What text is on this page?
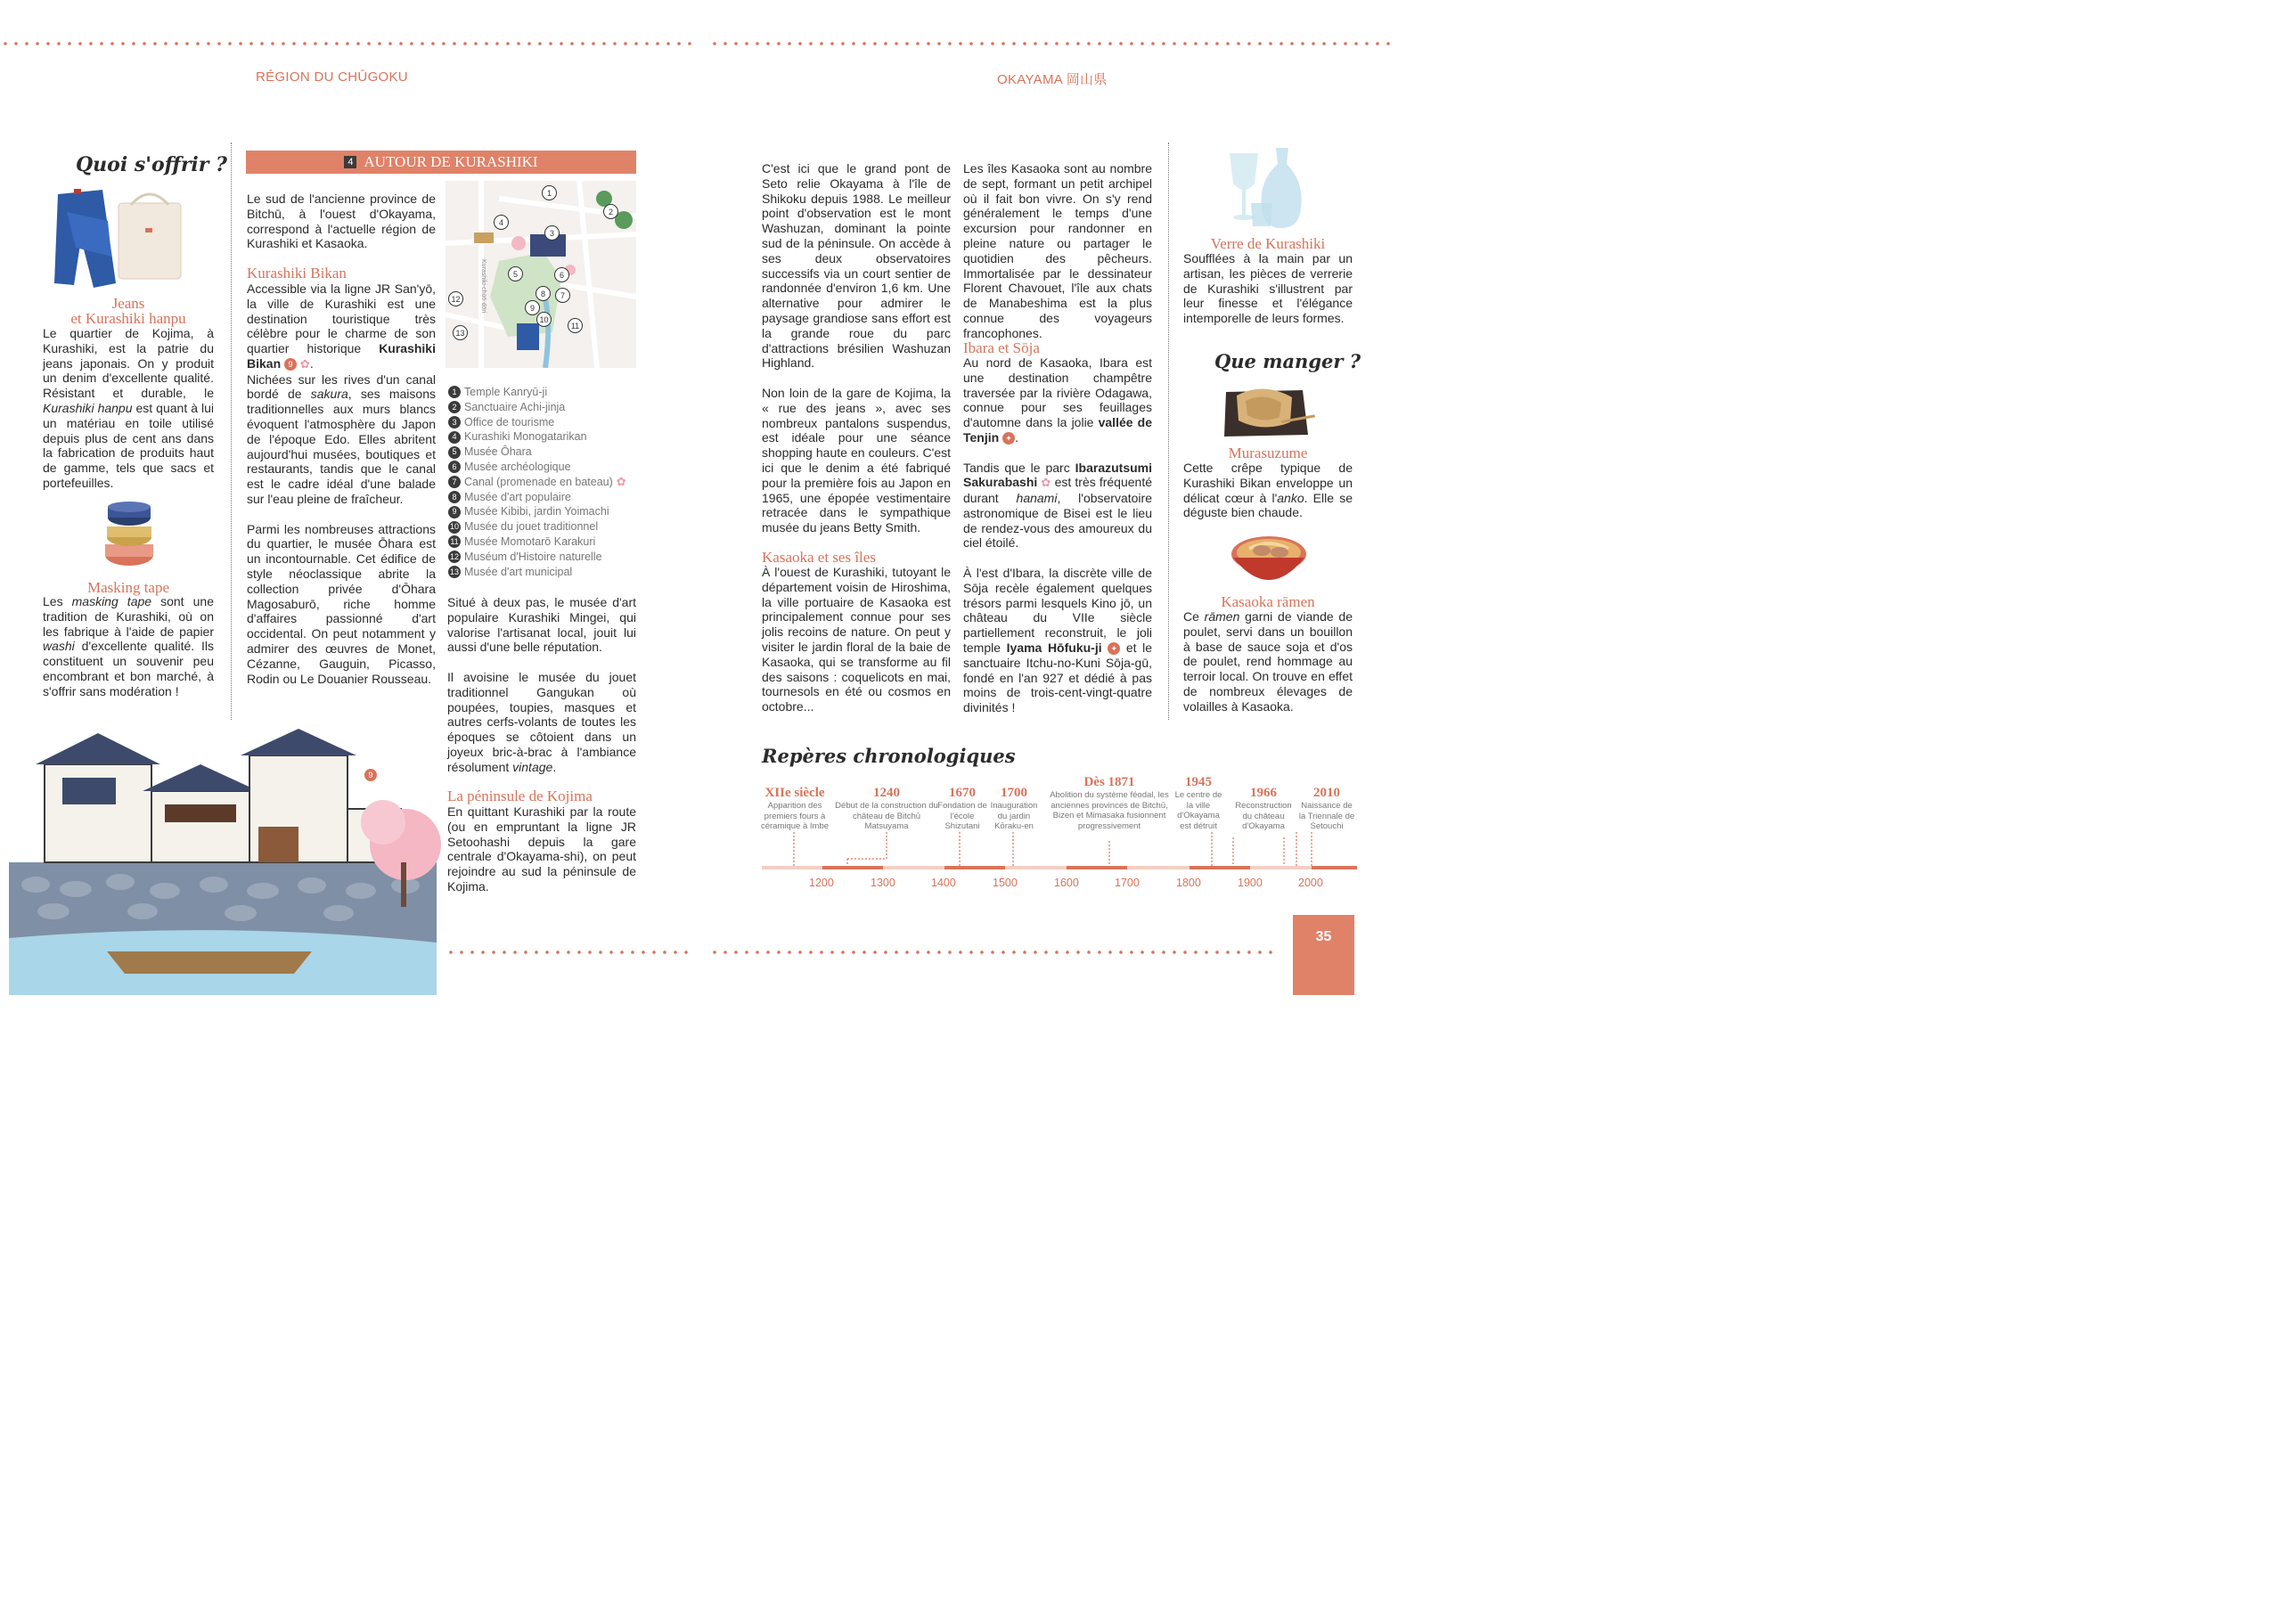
RÉGION DU CHŪGOKU	OKAYAMA 岡山県
Quoi s'offrir ?
Jeans
et Kurashiki hanpu
Le quartier de Kojima, à Kurashiki, est la patrie du jeans japonais. On y produit un denim d'excellente qualité. Résistant et durable, le Kurashiki hanpu est quant à lui un matériau en toile utilisé depuis plus de cent ans dans la fabrication de produits haut de gamme, tels que sacs et portefeuilles.
Masking tape
Les masking tape sont une tradition de Kurashiki, où on les fabrique à l'aide de papier washi d'excellente qualité. Ils constituent un souvenir peu encombrant et bon marché, à s'offrir sans modération !
4 AUTOUR DE KURASHIKI
Le sud de l'ancienne province de Bitchū, à l'ouest d'Okayama, correspond à l'actuelle région de Kurashiki et Kasaoka.
Kurashiki Bikan
Accessible via la ligne JR San'yō, la ville de Kurashiki est une destination touristique très célèbre pour le charme de son quartier historique Kurashiki Bikan 9 ✿.
Nichées sur les rives d'un canal bordé de sakura, ses maisons traditionnelles aux murs blancs évoquent l'atmosphère du Japon de l'époque Edo. Elles abritent aujourd'hui musées, boutiques et restaurants, tandis que le canal est le cadre idéal d'une balade sur l'eau pleine de fraîcheur.

Parmi les nombreuses attractions du quartier, le musée Ōhara est un incontournable. Cet édifice de style néoclassique abrite la collection privée d'Ōhara Magosaburō, riche homme d'affaires passionné d'art occidental. On peut notamment y admirer des œuvres de Monet, Cézanne, Gauguin, Picasso, Rodin ou Le Douanier Rousseau.
1
2
3
4
5	6
7
8
9
10
11
12
13
Kurashiki-chūō-dōri
1 Temple Kanryū-ji
2 Sanctuaire Achi-jinja
3 Office de tourisme
4 Kurashiki Monogatarikan
5 Musée Ōhara
6 Musée archéologique
7 Canal (promenade en bateau) ✿
8 Musée d'art populaire
9 Musée Kibibi, jardin Yoimachi
10 Musée du jouet traditionnel
11 Musée Momotarō Karakuri
12 Muséum d'Histoire naturelle
13 Musée d'art municipal
Situé à deux pas, le musée d'art populaire Kurashiki Mingei, qui valorise l'artisanat local, jouit lui aussi d'une belle réputation.

Il avoisine le musée du jouet traditionnel Gangukan où poupées, toupies, masques et autres cerfs-volants de toutes les époques se côtoient dans un joyeux bric-à-brac à l'ambiance résolument vintage.
La péninsule de Kojima
En quittant Kurashiki par la route (ou en empruntant la ligne JR Setoohashi depuis la gare centrale d'Okayama-shi), on peut rejoindre au sud la péninsule de Kojima.
9
C'est ici que le grand pont de Seto relie Okayama à l'île de Shikoku depuis 1988. Le meilleur point d'observation est le mont Washuzan, dominant la pointe sud de la péninsule. On accède à ses deux observatoires successifs via un court sentier de randonnée d'environ 1,6 km. Une alternative pour admirer le paysage grandiose sans effort est la grande roue du parc d'attractions brésilien Washuzan Highland.

Non loin de la gare de Kojima, la « rue des jeans », avec ses nombreux pantalons suspendus, est idéale pour une séance shopping haute en couleurs. C'est ici que le denim a été fabriqué pour la première fois au Japon en 1965, une épopée vestimentaire retracée dans le sympathique musée du jeans Betty Smith.
Kasaoka et ses îles
À l'ouest de Kurashiki, tutoyant le département voisin de Hiroshima, la ville portuaire de Kasaoka est principalement connue pour ses jolis recoins de nature. On peut y visiter le jardin floral de la baie de Kasaoka, qui se transforme au fil des saisons : coquelicots en mai, tournesols en été ou cosmos en octobre...
Les îles Kasaoka sont au nombre de sept, formant un petit archipel où il fait bon vivre. On s'y rend généralement le temps d'une excursion pour randonner en pleine nature ou partager le quotidien des pêcheurs. Immortalisée par le dessinateur Florent Chavouet, l'île aux chats de Manabeshima est la plus connue des voyageurs francophones.
Ibara et Sōja
Au nord de Kasaoka, Ibara est une destination champêtre traversée par la rivière Odagawa, connue pour ses feuillages d'automne dans la jolie vallée de Tenjin ✦ .

Tandis que le parc Ibarazutsumi Sakurabashi ✿ est très fréquenté durant hanami, l'observatoire astronomique de Bisei est le lieu de rendez-vous des amoureux du ciel étoilé.

À l'est d'Ibara, la discrète ville de Sōja recèle également quelques trésors parmi lesquels Kino jō, un château du VIIe siècle partiellement reconstruit, le joli temple Iyama Hōfuku-ji ✦ et le sanctuaire Itchu-no-Kuni Sōja-gū, fondé en l'an 927 et dédié à pas moins de trois-cent-vingt-quatre divinités !
Verre de Kurashiki
Soufflées à la main par un artisan, les pièces de verrerie de Kurashiki s'illustrent par leur finesse et l'élégance intemporelle de leurs formes.
Que manger ?
Murasuzume
Cette crêpe typique de Kurashiki Bikan enveloppe un délicat cœur à l'anko. Elle se déguste bien chaude.
Kasaoka rāmen
Ce rāmen garni de viande de poulet, servi dans un bouillon à base de sauce soja et d'os de poulet, rend hommage au terroir local. On trouve en effet de nombreux élevages de volailles à Kasaoka.
Repères chronologiques
XIIe siècle
Apparition des premiers fours à céramique à Imbe
1240
Début de la construction du château de Bitchū Matsuyama
1670
Fondation de l'école Shizutani
1700
Inauguration du jardin Kōraku-en
Dès 1871
Abolition du système féodal, les anciennes provinces de Bitchū, Bizen et Mimasaka fusionnent progressivement
1945
Le centre de la ville d'Okayama est détruit
1966
Reconstruction du château d'Okayama
2010
Naissance de la Triennale de Setouchi
1200	1300	1400	1500	1600	1700	1800	1900	2000
35
